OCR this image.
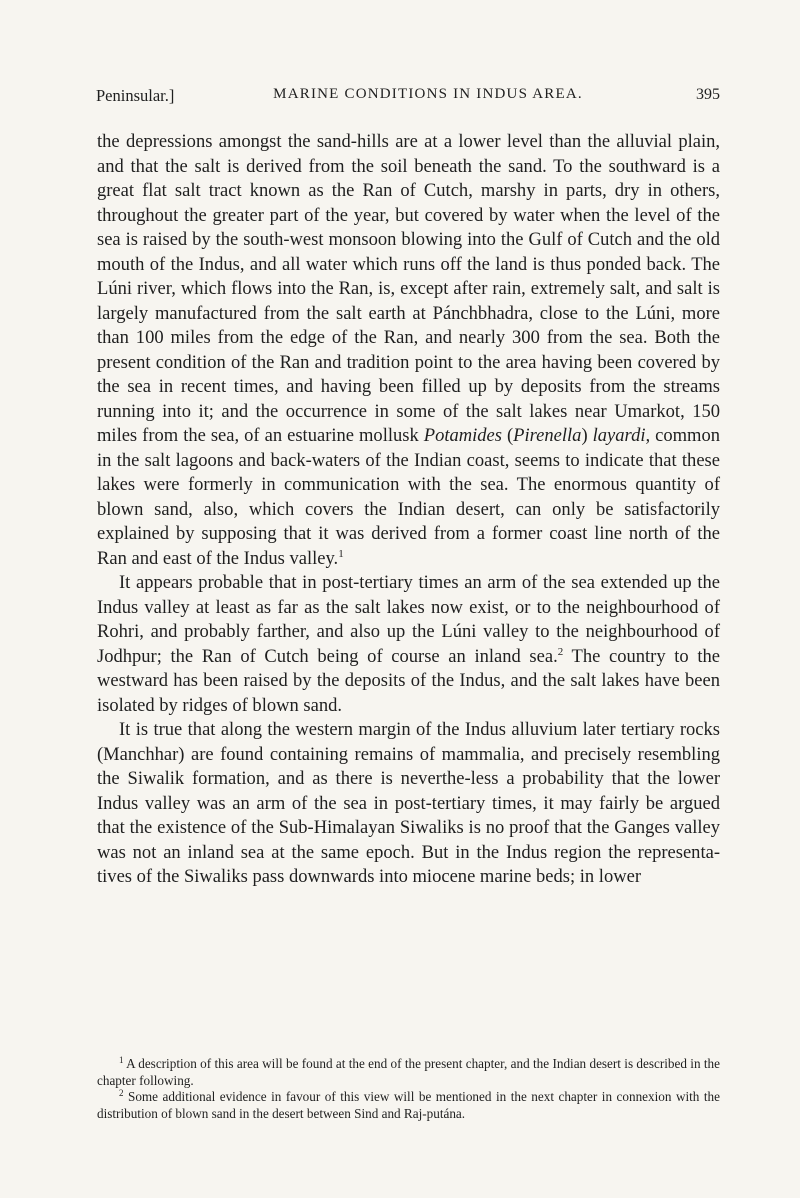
Peninsular.]	MARINE CONDITIONS IN INDUS AREA.	395

the depressions amongst the sand-hills are at a lower level than the alluvial plain, and that the salt is derived from the soil beneath the sand. To the southward is a great flat salt tract known as the Ran of Cutch, marshy in parts, dry in others, throughout the greater part of the year, but covered by water when the level of the sea is raised by the south-west monsoon blowing into the Gulf of Cutch and the old mouth of the Indus, and all water which runs off the land is thus ponded back. The Lúni river, which flows into the Ran, is, except after rain, extremely salt, and salt is largely manufactured from the salt earth at Pánchbhadra, close to the Lúni, more than 100 miles from the edge of the Ran, and nearly 300 from the sea. Both the present condition of the Ran and tradition point to the area having been covered by the sea in recent times, and having been filled up by deposits from the streams running into it; and the occurrence in some of the salt lakes near Umarkot, 150 miles from the sea, of an estuarine mollusk Potamides (Pirenella) layardi, common in the salt lagoons and back-waters of the Indian coast, seems to indicate that these lakes were formerly in communication with the sea. The enormous quantity of blown sand, also, which covers the Indian desert, can only be satisfactorily explained by supposing that it was derived from a former coast line north of the Ran and east of the Indus valley.$^1$

It appears probable that in post-tertiary times an arm of the sea extended up the Indus valley at least as far as the salt lakes now exist, or to the neighbourhood of Rohri, and probably farther, and also up the Lúni valley to the neighbourhood of Jodhpur; the Ran of Cutch being of course an inland sea.$^2$ The country to the westward has been raised by the deposits of the Indus, and the salt lakes have been isolated by ridges of blown sand.

It is true that along the western margin of the Indus alluvium later tertiary rocks (Manchhar) are found containing remains of mammalia, and precisely resembling the Siwalik formation, and as there is neverthe-less a probability that the lower Indus valley was an arm of the sea in post-tertiary times, it may fairly be argued that the existence of the Sub-Himalayan Siwaliks is no proof that the Ganges valley was not an inland sea at the same epoch. But in the Indus region the representa-tives of the Siwaliks pass downwards into miocene marine beds; in lower

$^1$ A description of this area will be found at the end of the present chapter, and the Indian desert is described in the chapter following.

$^2$ Some additional evidence in favour of this view will be mentioned in the next chapter in connexion with the distribution of blown sand in the desert between Sind and Raj-putána.
